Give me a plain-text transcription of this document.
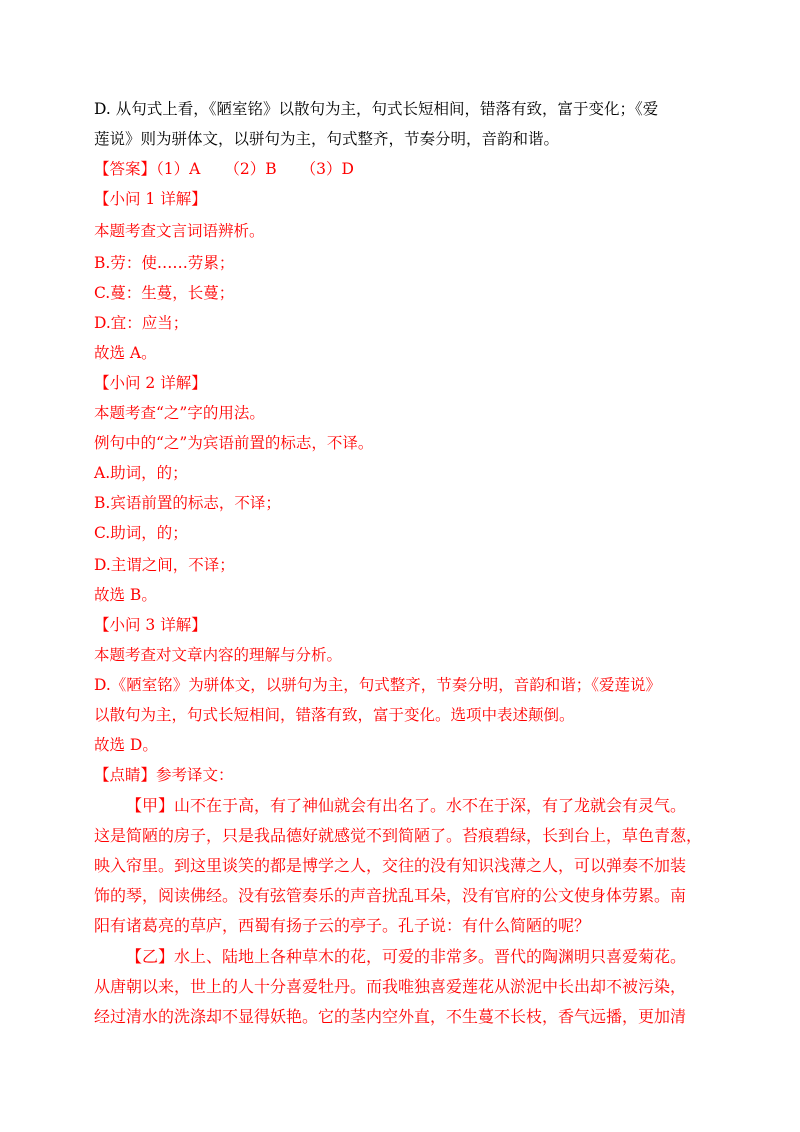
D. 从句式上看，《陋室铭》以散句为主，句式长短相间，错落有致，富于变化；《爱
莲说》则为骈体文，以骈句为主，句式整齐，节奏分明，音韵和谐。
【答案】（1）A （2）B （3）D
【小问 1 详解】
本题考查文言词语辨析。
B.劳：使……劳累；
C.蔓：生蔓，长蔓；
D.宜：应当；
故选 A。
【小问 2 详解】
本题考查“之”字的用法。
例句中的“之”为宾语前置的标志，不译。
A.助词，的；
B.宾语前置的标志，不译；
C.助词，的；
D.主谓之间，不译；
故选 B。
【小问 3 详解】
本题考查对文章内容的理解与分析。
D.《陋室铭》为骈体文，以骈句为主，句式整齐，节奏分明，音韵和谐；《爱莲说》
以散句为主，句式长短相间，错落有致，富于变化。选项中表述颠倒。
故选 D。
【点睛】参考译文：
【甲】山不在于高，有了神仙就会有出名了。水不在于深，有了龙就会有灵气。
这是简陋的房子，只是我品德好就感觉不到简陋了。苔痕碧绿，长到台上，草色青葱，
映入帘里。到这里谈笑的都是博学之人，交往的没有知识浅薄之人，可以弹奏不加装
饰的琴，阅读佛经。没有弦管奏乐的声音扰乱耳朵，没有官府的公文使身体劳累。南
阳有诸葛亮的草庐，西蜀有扬子云的亭子。孔子说：有什么简陋的呢？
【乙】水上、陆地上各种草木的花，可爱的非常多。晋代的陶渊明只喜爱菊花。
从唐朝以来，世上的人十分喜爱牡丹。而我唯独喜爱莲花从淤泥中长出却不被污染，
经过清水的洗涤却不显得妖艳。它的茎内空外直，不生蔓不长枝，香气远播，更加清
